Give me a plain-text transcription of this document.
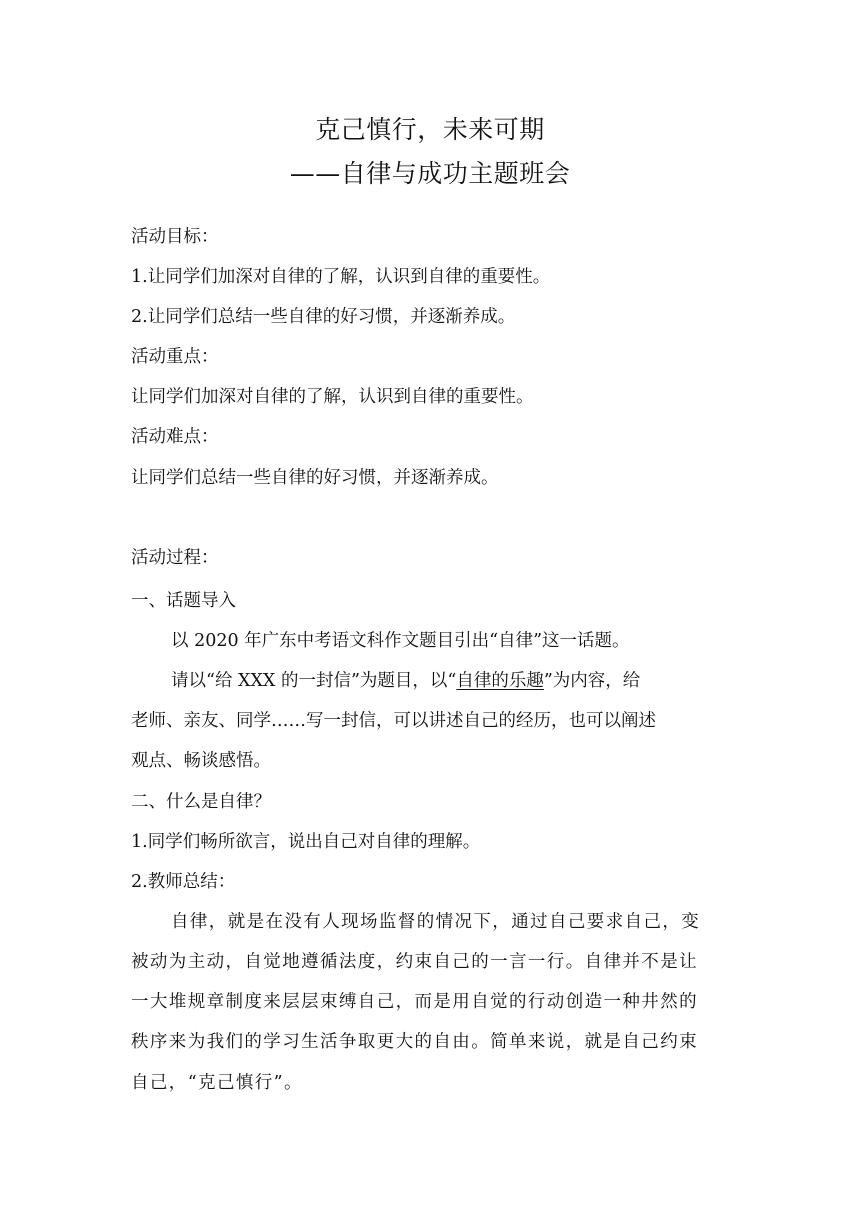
克己慎行，未来可期
——自律与成功主题班会
活动目标：
1.让同学们加深对自律的了解，认识到自律的重要性。
2.让同学们总结一些自律的好习惯，并逐渐养成。
活动重点：
让同学们加深对自律的了解，认识到自律的重要性。
活动难点：
让同学们总结一些自律的好习惯，并逐渐养成。
活动过程：
一、话题导入
以 2020 年广东中考语文科作文题目引出“自律”这一话题。
请以“给 XXX 的一封信”为题目，以“自律的乐趣”为内容，给
老师、亲友、同学……写一封信，可以讲述自己的经历，也可以阐述
观点、畅谈感悟。
二、什么是自律？
1.同学们畅所欲言，说出自己对自律的理解。
2.教师总结：
自律，就是在没有人现场监督的情况下，通过自己要求自己，变
被动为主动，自觉地遵循法度，约束自己的一言一行。自律并不是让
一大堆规章制度来层层束缚自己，而是用自觉的行动创造一种井然的
秩序来为我们的学习生活争取更大的自由。简单来说，就是自己约束
自己，“克己慎行”。
